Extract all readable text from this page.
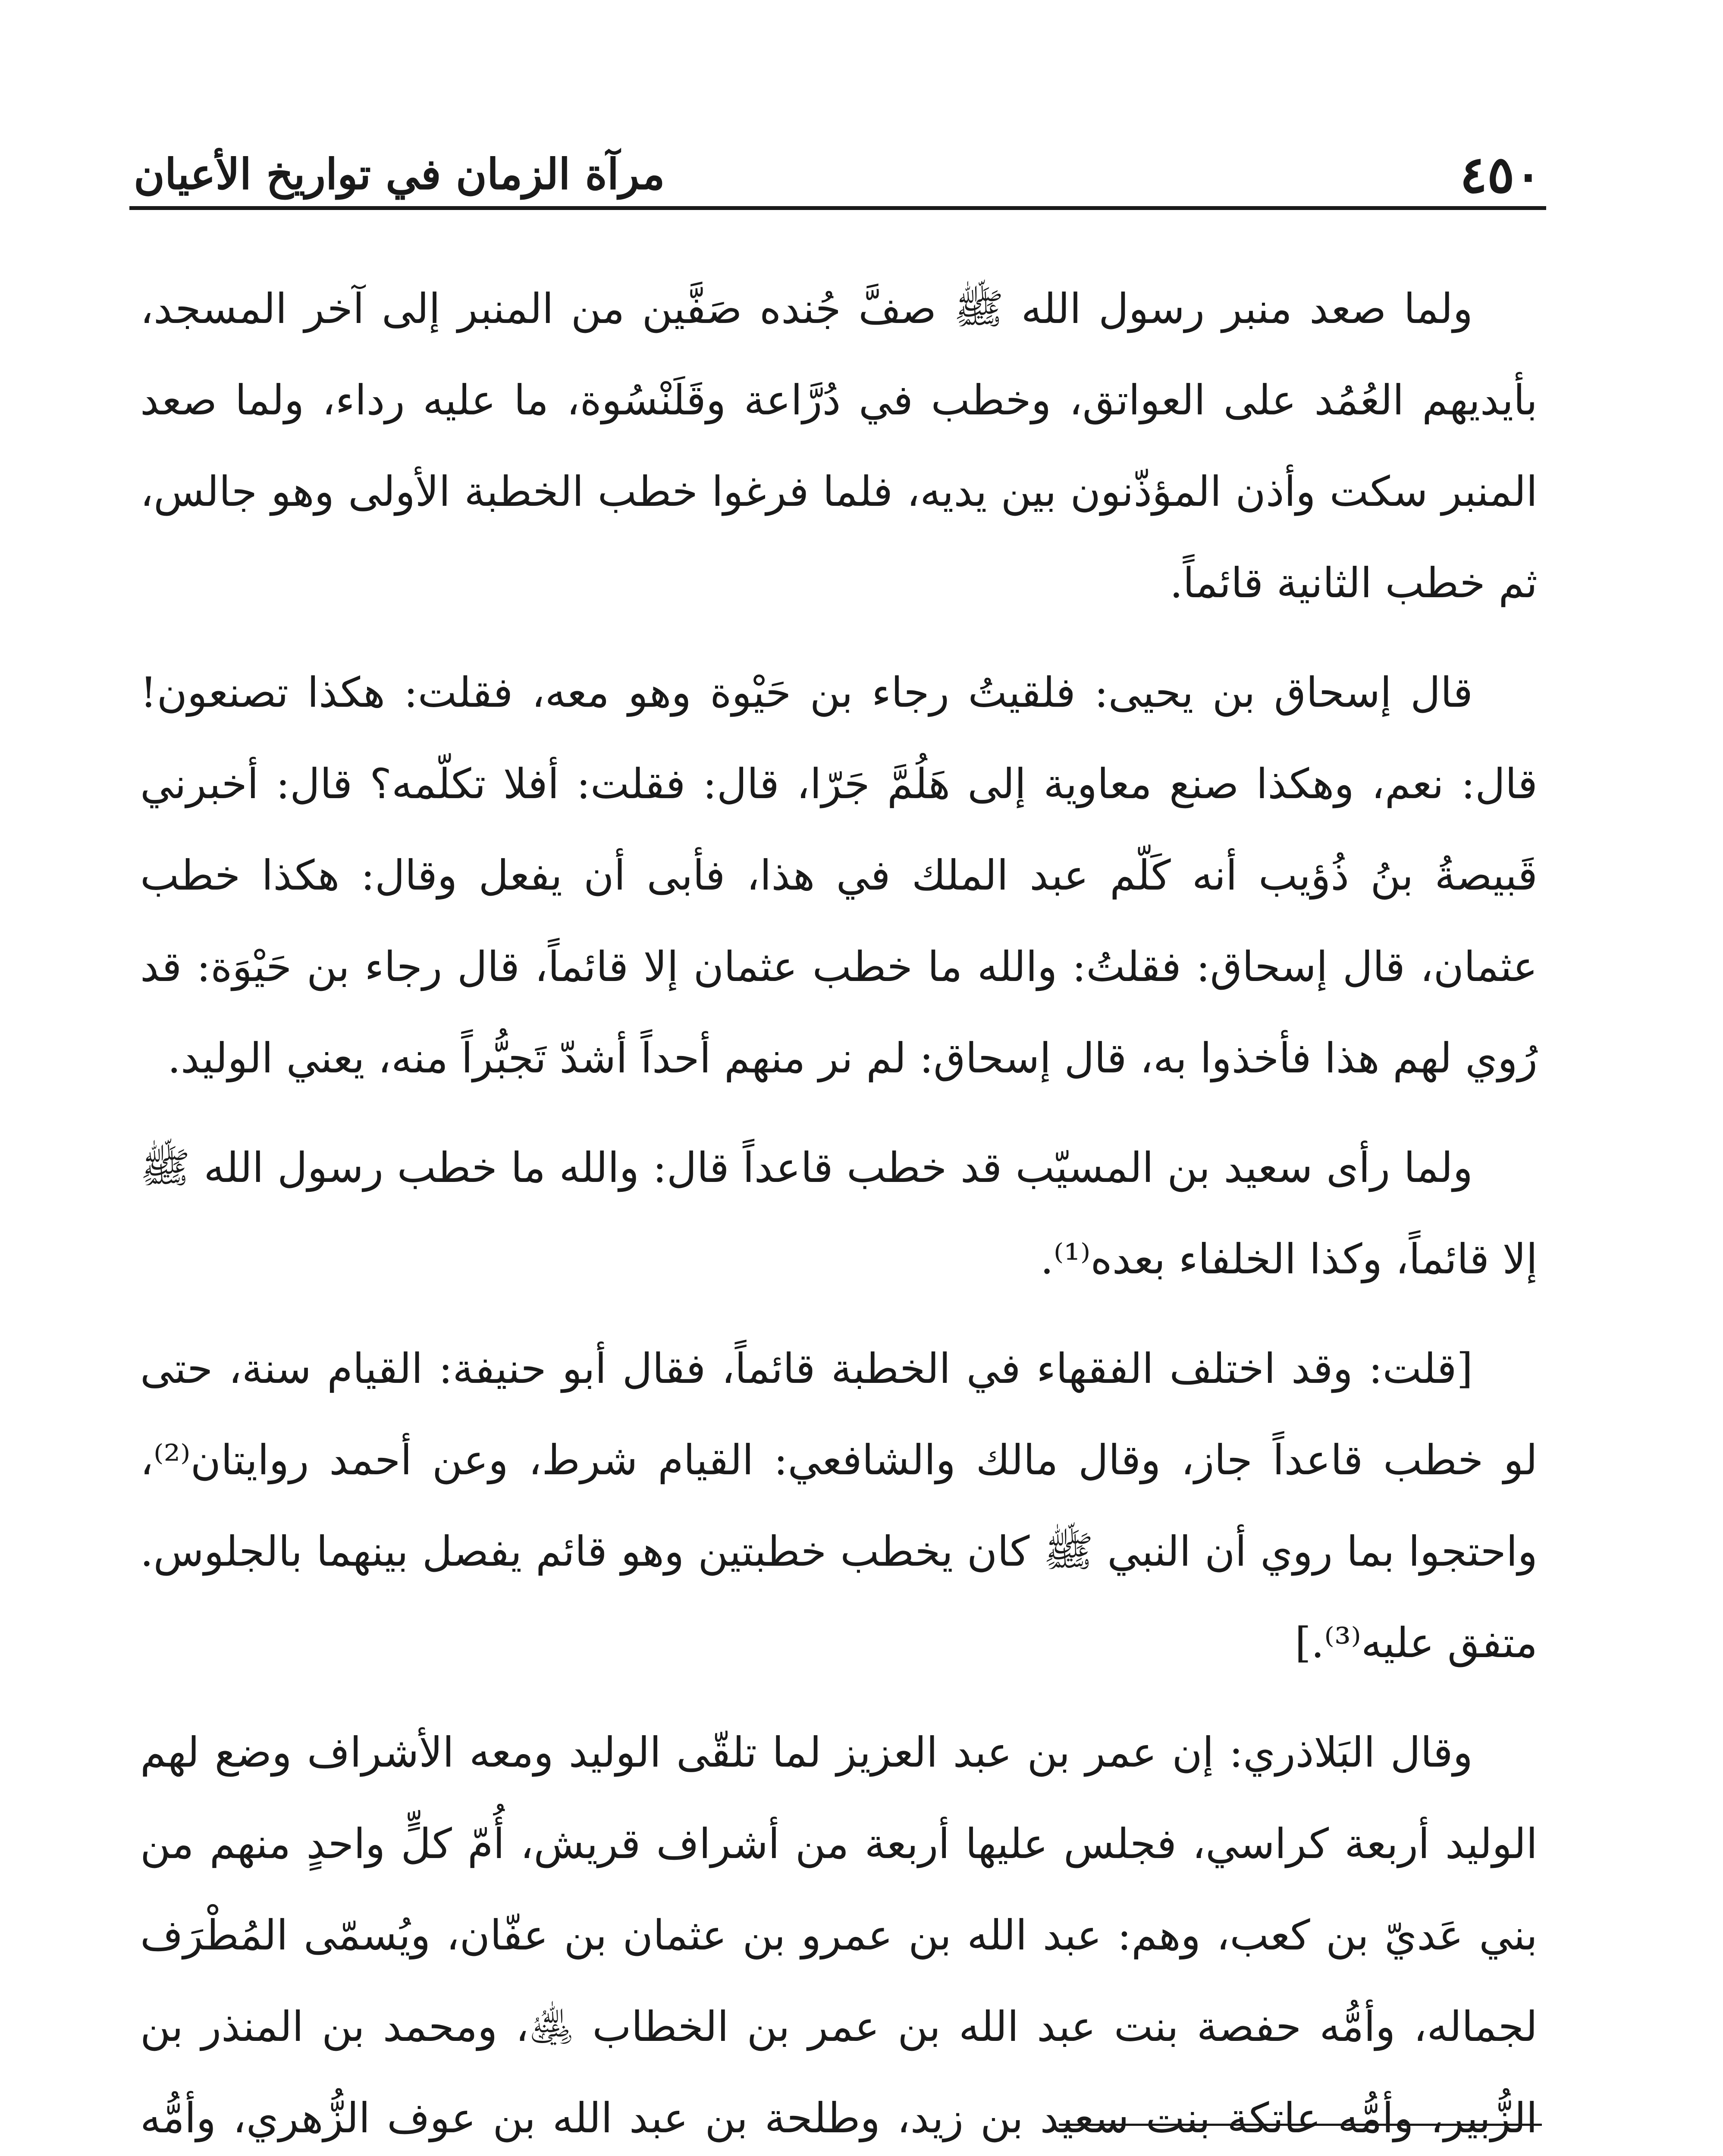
٤٥٠
مرآة الزمان في تواريخ الأعيان

ولما صعد منبر رسول الله ﷺ صفَّ جُنده صَفَّين من المنبر إلى آخر المسجد، بأيديهم العُمُد على العواتق، وخطب في دُرَّاعة وقَلَنْسُوة، ما عليه رداء، ولما صعد المنبر سكت وأذن المؤذّنون بين يديه، فلما فرغوا خطب الخطبة الأولى وهو جالس، ثم خطب الثانية قائماً.

قال إسحاق بن يحيى: فلقيتُ رجاء بن حَيْوة وهو معه، فقلت: هكذا تصنعون! قال: نعم، وهكذا صنع معاوية إلى هَلُمَّ جَرّا، قال: فقلت: أفلا تكلّمه؟ قال: أخبرني قَبيصةُ بنُ ذُؤيب أنه كَلّم عبد الملك في هذا، فأبى أن يفعل وقال: هكذا خطب عثمان، قال إسحاق: فقلتُ: والله ما خطب عثمان إلا قائماً، قال رجاء بن حَيْوَة: قد رُوي لهم هذا فأخذوا به، قال إسحاق: لم نر منهم أحداً أشدّ تَجبُّراً منه، يعني الوليد.

ولما رأى سعيد بن المسيّب قد خطب قاعداً قال: والله ما خطب رسول الله ﷺ إلا قائماً، وكذا الخلفاء بعده⁽¹⁾.

[قلت: وقد اختلف الفقهاء في الخطبة قائماً، فقال أبو حنيفة: القيام سنة، حتى لو خطب قاعداً جاز، وقال مالك والشافعي: القيام شرط، وعن أحمد روايتان⁽²⁾، واحتجوا بما روي أن النبي ﷺ كان يخطب خطبتين وهو قائم يفصل بينهما بالجلوس. متفق عليه⁽³⁾.]

وقال البَلاذري: إن عمر بن عبد العزيز لما تلقّى الوليد ومعه الأشراف وضع لهم الوليد أربعة كراسي، فجلس عليها أربعة من أشراف قريش، أُمّ كلٍّ واحدٍ منهم من بني عَديّ بن كعب، وهم: عبد الله بن عمرو بن عثمان بن عفّان، ويُسمّى المُطْرَف لجماله، وأمُّه حفصة بنت عبد الله بن عمر بن الخطاب ﵁، ومحمد بن المنذر بن الزُّبير، وأمُّه عاتكة بنت سعيد بن زيد، وطلحة بن عبد الله بن عوف الزُّهري، وأمُّه
